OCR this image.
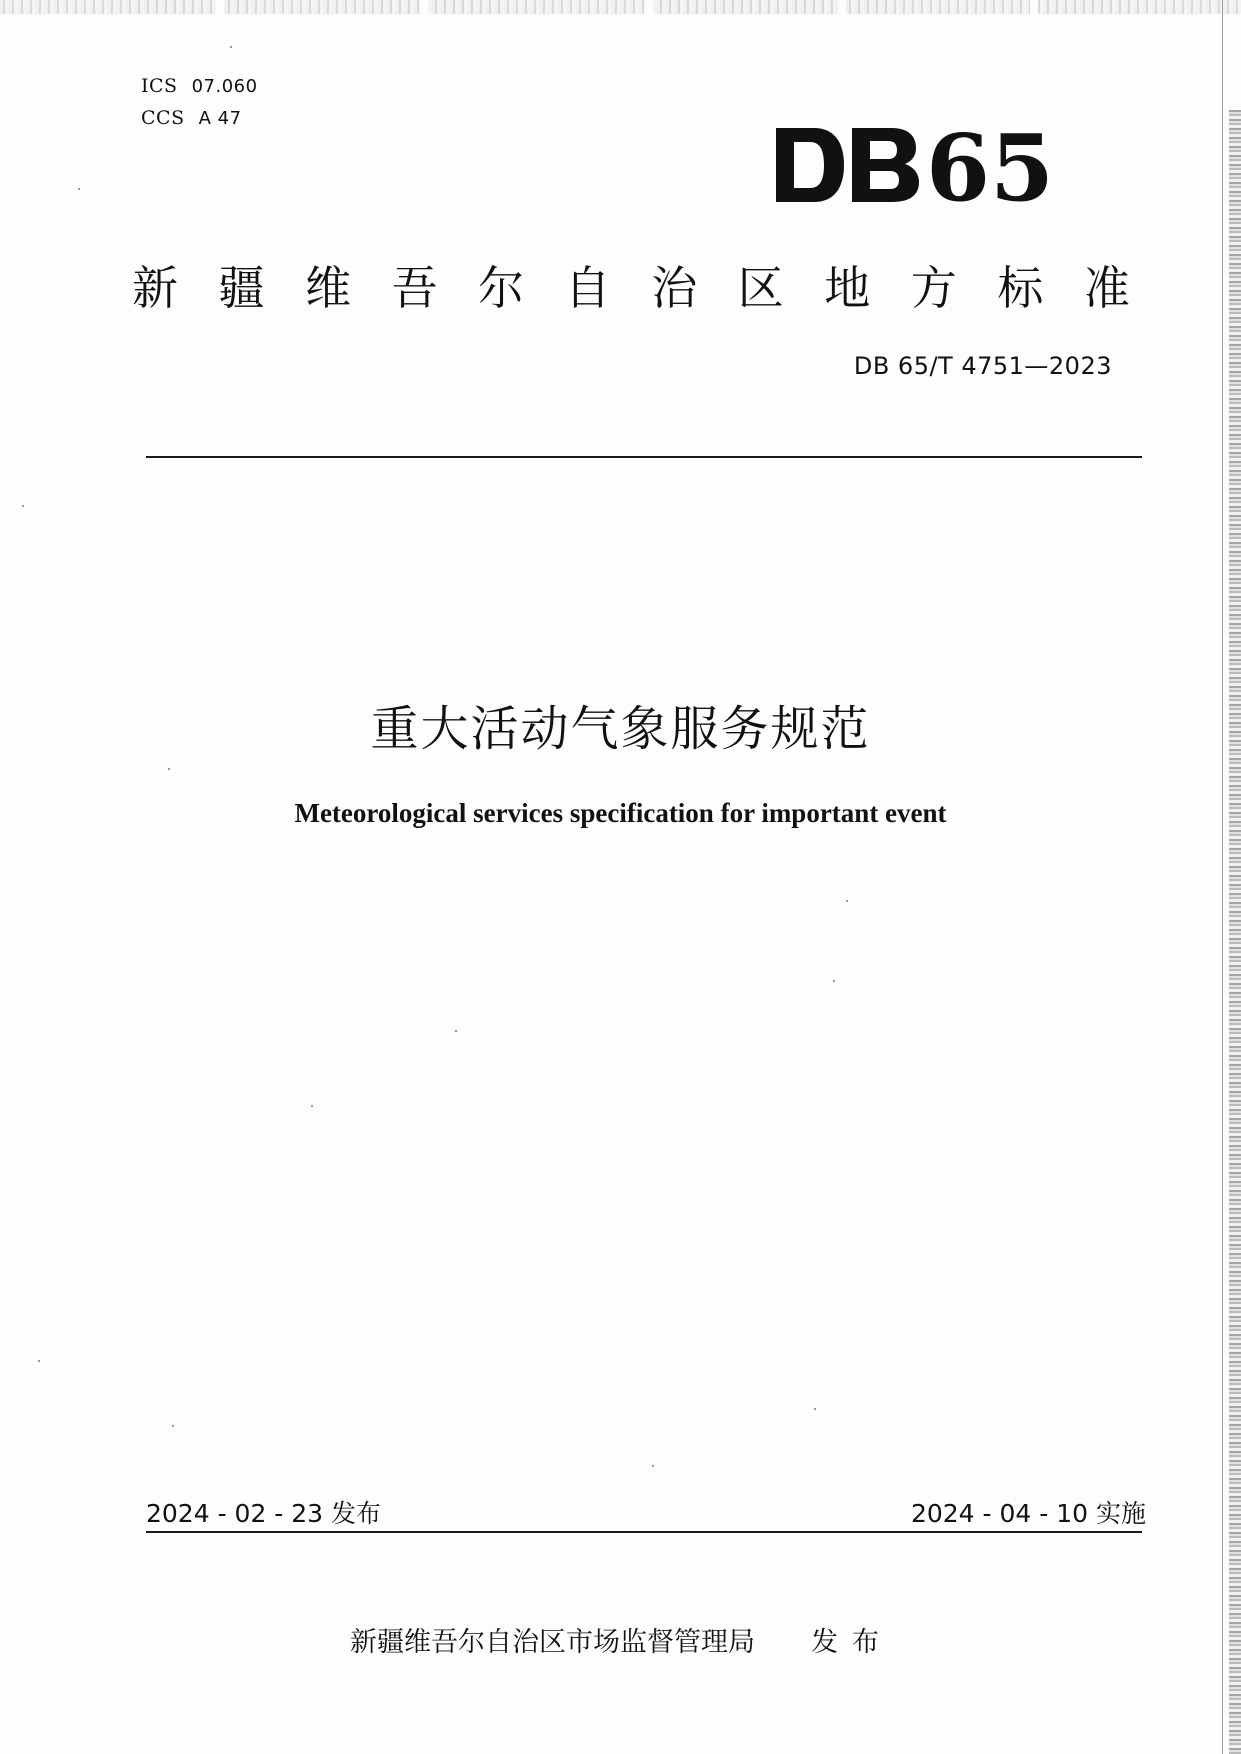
ICS 07.060
CCS A 47	65
新 疆 维 吾 尔 自 治 区 地 方 标 准
DB 65/T 4751—2023
重大活动气象服务规范
Meteorological services specification for important event
2024 - 02 - 23 发布	2024 - 04 - 10 实施
新疆维吾尔自治区市场监督管理局 发布
